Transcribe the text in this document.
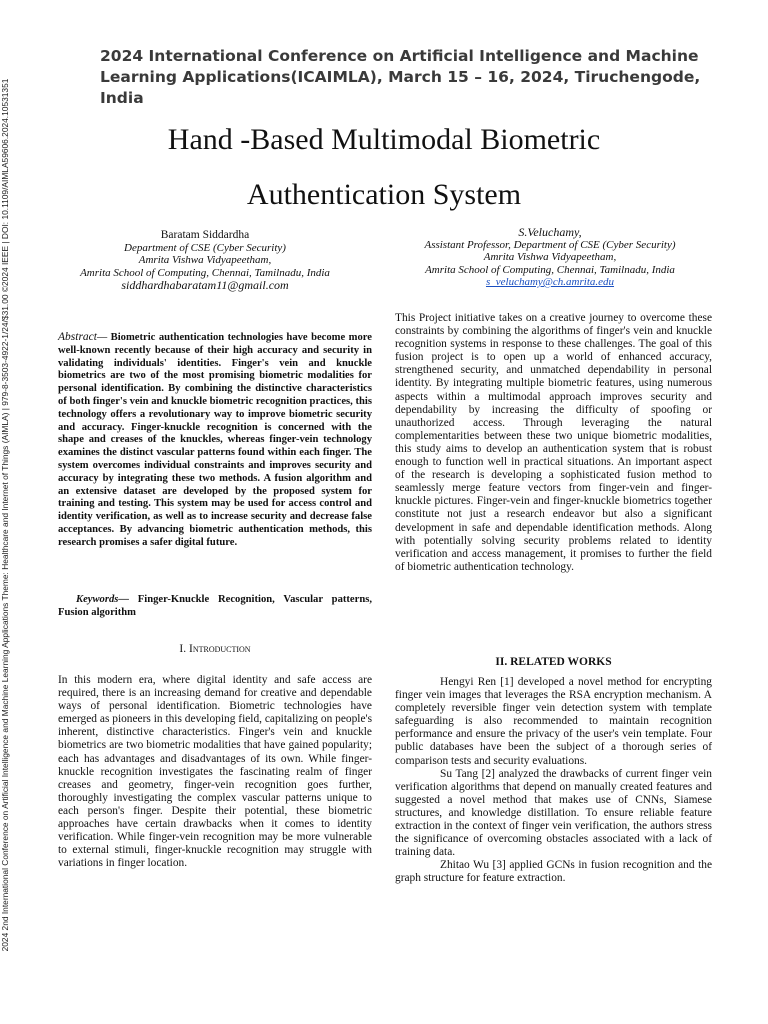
2024 2nd International Conference on Artificial Intelligence and Machine Learning Applications Theme: Healthcare and Internet of Things (AIMLA) | 979-8-3503-4922-1/24/$31.00 ©2024 IEEE | DOI: 10.1109/AIMLA59606.2024.10531351
2024 International Conference on Artificial Intelligence and Machine Learning Applications(ICAIMLA), March 15 – 16, 2024, Tiruchengode, India
Hand -Based Multimodal Biometric
Authentication System
Baratam Siddardha
Department of CSE (Cyber Security)
Amrita Vishwa Vidyapeetham,
Amrita School of Computing, Chennai, Tamilnadu, India
siddhardhabaratam11@gmail.com
S.Veluchamy,
Assistant Professor, Department of CSE (Cyber Security)
Amrita Vishwa Vidyapeetham,
Amrita School of Computing, Chennai, Tamilnadu, India
s_veluchamy@ch.amrita.edu
Abstract— Biometric authentication technologies have become more well-known recently because of their high accuracy and security in validating individuals' identities. Finger's vein and knuckle biometrics are two of the most promising biometric modalities for personal identification. By combining the distinctive characteristics of both finger's vein and knuckle biometric recognition practices, this technology offers a revolutionary way to improve biometric security and accuracy. Finger-knuckle recognition is concerned with the shape and creases of the knuckles, whereas finger-vein technology examines the distinct vascular patterns found within each finger. The system overcomes individual constraints and improves security and accuracy by integrating these two methods. A fusion algorithm and an extensive dataset are developed by the proposed system for training and testing. This system may be used for access control and identity verification, as well as to increase security and decrease false acceptances. By advancing biometric authentication methods, this research promises a safer digital future.
Keywords— Finger-Knuckle Recognition, Vascular patterns, Fusion algorithm
I. Introduction
In this modern era, where digital identity and safe access are required, there is an increasing demand for creative and dependable ways of personal identification. Biometric technologies have emerged as pioneers in this developing field, capitalizing on people's inherent, distinctive characteristics. Finger's vein and knuckle biometrics are two biometric modalities that have gained popularity; each has advantages and disadvantages of its own. While finger-knuckle recognition investigates the fascinating realm of finger creases and geometry, finger-vein recognition goes further, thoroughly investigating the complex vascular patterns unique to each person's finger. Despite their potential, these biometric approaches have certain drawbacks when it comes to identity verification. While finger-vein recognition may be more vulnerable to external stimuli, finger-knuckle recognition may struggle with variations in finger location.
This Project initiative takes on a creative journey to overcome these constraints by combining the algorithms of finger's vein and knuckle recognition systems in response to these challenges. The goal of this fusion project is to open up a world of enhanced accuracy, strengthened security, and unmatched dependability in personal identity. By integrating multiple biometric features, using numerous aspects within a multimodal approach improves security and dependability by increasing the difficulty of spoofing or unauthorized access. Through leveraging the natural complementarities between these two unique biometric modalities, this study aims to develop an authentication system that is robust enough to function well in practical situations. An important aspect of the research is developing a sophisticated fusion method to seamlessly merge feature vectors from finger-vein and finger-knuckle pictures. Finger-vein and finger-knuckle biometrics together constitute not just a research endeavor but also a significant development in safe and dependable identification methods. Along with potentially solving security problems related to identity verification and access management, it promises to further the field of biometric authentication technology.
II. RELATED WORKS

Hengyi Ren [1] developed a novel method for encrypting finger vein images that leverages the RSA encryption mechanism. A completely reversible finger vein detection system with template safeguarding is also recommended to maintain recognition performance and ensure the privacy of the user's vein template. Four public databases have been the subject of a thorough series of comparison tests and security evaluations.

Su Tang [2] analyzed the drawbacks of current finger vein verification algorithms that depend on manually created features and suggested a novel method that makes use of CNNs, Siamese structures, and knowledge distillation. To ensure reliable feature extraction in the context of finger vein verification, the authors stress the significance of overcoming obstacles associated with a lack of training data.

Zhitao Wu [3] applied GCNs in fusion recognition and the graph structure for feature extraction.
